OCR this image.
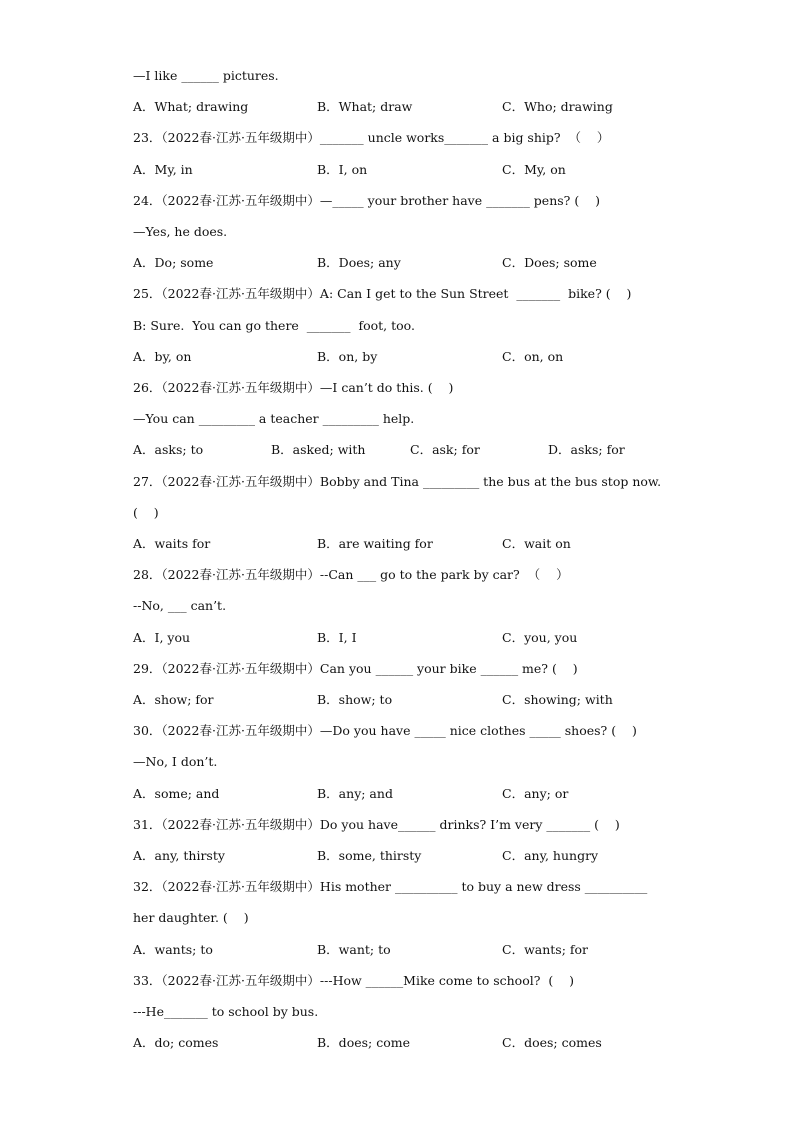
—I like ______ pictures.
A．What; drawing	B．What; draw	C．Who; drawing
23．（2022春·江苏·五年级期中）_______ uncle works_______ a big ship?  （    ）
A．My, in	B．I, on	C．My, on
24．（2022春·江苏·五年级期中）—_____ your brother have _______ pens? (    )
—Yes, he does.
A．Do; some	B．Does; any	C．Does; some
25．（2022春·江苏·五年级期中）A: Can I get to the Sun Street  _______  bike? (    )
B: Sure.  You can go there  _______  foot, too.
A．by, on	B．on, by	C．on, on
26．（2022春·江苏·五年级期中）—I can’t do this. (    )
—You can _________ a teacher _________ help.
A．asks; to	B．asked; with	C．ask; for	D．asks; for
27．（2022春·江苏·五年级期中）Bobby and Tina _________ the bus at the bus stop now.
(    )
A．waits for	B．are waiting for	C．wait on
28．（2022春·江苏·五年级期中）--Can ___ go to the park by car?  （    ）
--No, ___ can’t.
A．I, you	B．I, I	C．you, you
29．（2022春·江苏·五年级期中）Can you ______ your bike ______ me? (    )
A．show; for	B．show; to	C．showing; with
30．（2022春·江苏·五年级期中）—Do you have _____ nice clothes _____ shoes? (    )
—No, I don’t.
A．some; and	B．any; and	C．any; or
31．（2022春·江苏·五年级期中）Do you have______ drinks? I’m very _______ (    )
A．any, thirsty	B．some, thirsty	C．any, hungry
32．（2022春·江苏·五年级期中）His mother __________ to buy a new dress __________
her daughter. (    )
A．wants; to	B．want; to	C．wants; for
33．（2022春·江苏·五年级期中）---How ______Mike come to school?  (    )
---He_______ to school by bus.
A．do; comes	B．does; come	C．does; comes
